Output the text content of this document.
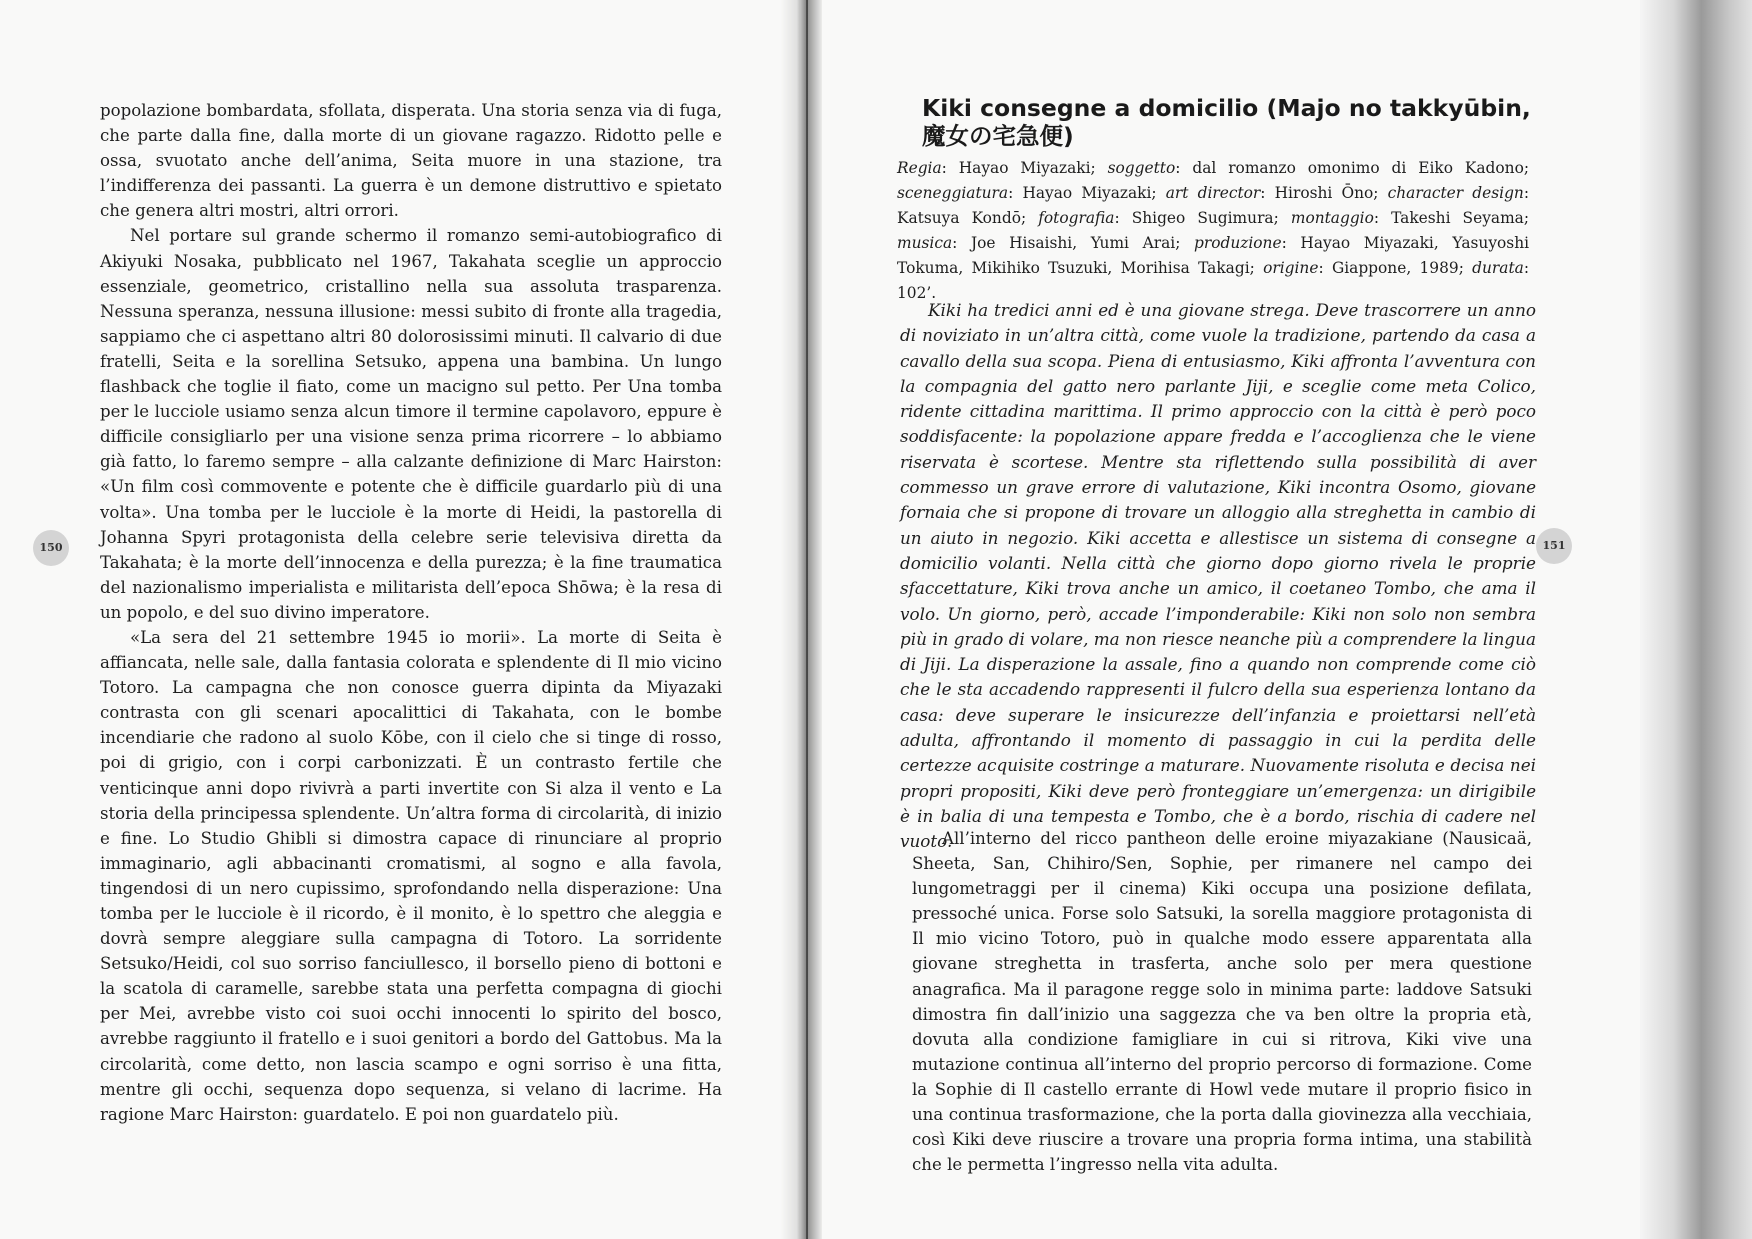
popolazione bombardata, sfollata, disperata. Una storia senza via di fuga, che parte dalla fine, dalla morte di un giovane ragazzo. Ridotto pelle e ossa, svuotato anche dell’anima, Seita muore in una stazione, tra l’indifferenza dei passanti. La guerra è un demone distruttivo e spietato che genera altri mostri, altri orrori.

Nel portare sul grande schermo il romanzo semi-autobiografico di Akiyuki Nosaka, pubblicato nel 1967, Takahata sceglie un approccio essenziale, geometrico, cristallino nella sua assoluta trasparenza. Nessuna speranza, nessuna illusione: messi subito di fronte alla tragedia, sappiamo che ci aspettano altri 80 dolorosissimi minuti. Il calvario di due fratelli, Seita e la sorellina Setsuko, appena una bambina. Un lungo flashback che toglie il fiato, come un macigno sul petto. Per Una tomba per le lucciole usiamo senza alcun timore il termine capolavoro, eppure è difficile consigliarlo per una visione senza prima ricorrere – lo abbiamo già fatto, lo faremo sempre – alla calzante definizione di Marc Hairston: «Un film così commovente e potente che è difficile guardarlo più di una volta». Una tomba per le lucciole è la morte di Heidi, la pastorella di Johanna Spyri protagonista della celebre serie televisiva diretta da Takahata; è la morte dell’innocenza e della purezza; è la fine traumatica del nazionalismo imperialista e militarista dell’epoca Shōwa; è la resa di un popolo, e del suo divino imperatore.

«La sera del 21 settembre 1945 io morii». La morte di Seita è affiancata, nelle sale, dalla fantasia colorata e splendente di Il mio vicino Totoro. La campagna che non conosce guerra dipinta da Miyazaki contrasta con gli scenari apocalittici di Takahata, con le bombe incendiarie che radono al suolo Kōbe, con il cielo che si tinge di rosso, poi di grigio, con i corpi carbonizzati. È un contrasto fertile che venticinque anni dopo rivivrà a parti invertite con Si alza il vento e La storia della principessa splendente. Un’altra forma di circolarità, di inizio e fine. Lo Studio Ghibli si dimostra capace di rinunciare al proprio immaginario, agli abbacinanti cromatismi, al sogno e alla favola, tingendosi di un nero cupissimo, sprofondando nella disperazione: Una tomba per le lucciole è il ricordo, è il monito, è lo spettro che aleggia e dovrà sempre aleggiare sulla campagna di Totoro. La sorridente Setsuko/Heidi, col suo sorriso fanciullesco, il borsello pieno di bottoni e la scatola di caramelle, sarebbe stata una perfetta compagna di giochi per Mei, avrebbe visto coi suoi occhi innocenti lo spirito del bosco, avrebbe raggiunto il fratello e i suoi genitori a bordo del Gattobus. Ma la circolarità, come detto, non lascia scampo e ogni sorriso è una fitta, mentre gli occhi, sequenza dopo sequenza, si velano di lacrime. Ha ragione Marc Hairston: guardatelo. E poi non guardatelo più.

150
Kiki consegne a domicilio (Majo no takkyūbin, 魔女の宅急便)
Regia: Hayao Miyazaki; soggetto: dal romanzo omonimo di Eiko Kadono; sceneggiatura: Hayao Miyazaki; art director: Hiroshi Ōno; character design: Katsuya Kondō; fotografia: Shigeo Sugimura; montaggio: Takeshi Seyama; musica: Joe Hisaishi, Yumi Arai; produzione: Hayao Miyazaki, Yasuyoshi Tokuma, Mikihiko Tsuzuki, Morihisa Takagi; origine: Giappone, 1989; durata: 102’.

Kiki ha tredici anni ed è una giovane strega. Deve trascorrere un anno di noviziato in un’altra città, come vuole la tradizione, partendo da casa a cavallo della sua scopa. Piena di entusiasmo, Kiki affronta l’avventura con la compagnia del gatto nero parlante Jiji, e sceglie come meta Colico, ridente cittadina marittima. Il primo approccio con la città è però poco soddisfacente: la popolazione appare fredda e l’accoglienza che le viene riservata è scortese. Mentre sta riflettendo sulla possibilità di aver commesso un grave errore di valutazione, Kiki incontra Osomo, giovane fornaia che si propone di trovare un alloggio alla streghetta in cambio di un aiuto in negozio. Kiki accetta e allestisce un sistema di consegne a domicilio volanti. Nella città che giorno dopo giorno rivela le proprie sfaccettature, Kiki trova anche un amico, il coetaneo Tombo, che ama il volo. Un giorno, però, accade l’imponderabile: Kiki non solo non sembra più in grado di volare, ma non riesce neanche più a comprendere la lingua di Jiji. La disperazione la assale, fino a quando non comprende come ciò che le sta accadendo rappresenti il fulcro della sua esperienza lontano da casa: deve superare le insicurezze dell’infanzia e proiettarsi nell’età adulta, affrontando il momento di passaggio in cui la perdita delle certezze acquisite costringe a maturare. Nuovamente risoluta e decisa nei propri propositi, Kiki deve però fronteggiare un’emergenza: un dirigibile è in balia di una tempesta e Tombo, che è a bordo, rischia di cadere nel vuoto.

All’interno del ricco pantheon delle eroine miyazakiane (Nausicaä, Sheeta, San, Chihiro/Sen, Sophie, per rimanere nel campo dei lungometraggi per il cinema) Kiki occupa una posizione defilata, pressoché unica. Forse solo Satsuki, la sorella maggiore protagonista di Il mio vicino Totoro, può in qualche modo essere apparentata alla giovane streghetta in trasferta, anche solo per mera questione anagrafica. Ma il paragone regge solo in minima parte: laddove Satsuki dimostra fin dall’inizio una saggezza che va ben oltre la propria età, dovuta alla condizione famigliare in cui si ritrova, Kiki vive una mutazione continua all’interno del proprio percorso di formazione. Come la Sophie di Il castello errante di Howl vede mutare il proprio fisico in una continua trasformazione, che la porta dalla giovinezza alla vecchiaia, così Kiki deve riuscire a trovare una propria forma intima, una stabilità che le permetta l’ingresso nella vita adulta.

151
